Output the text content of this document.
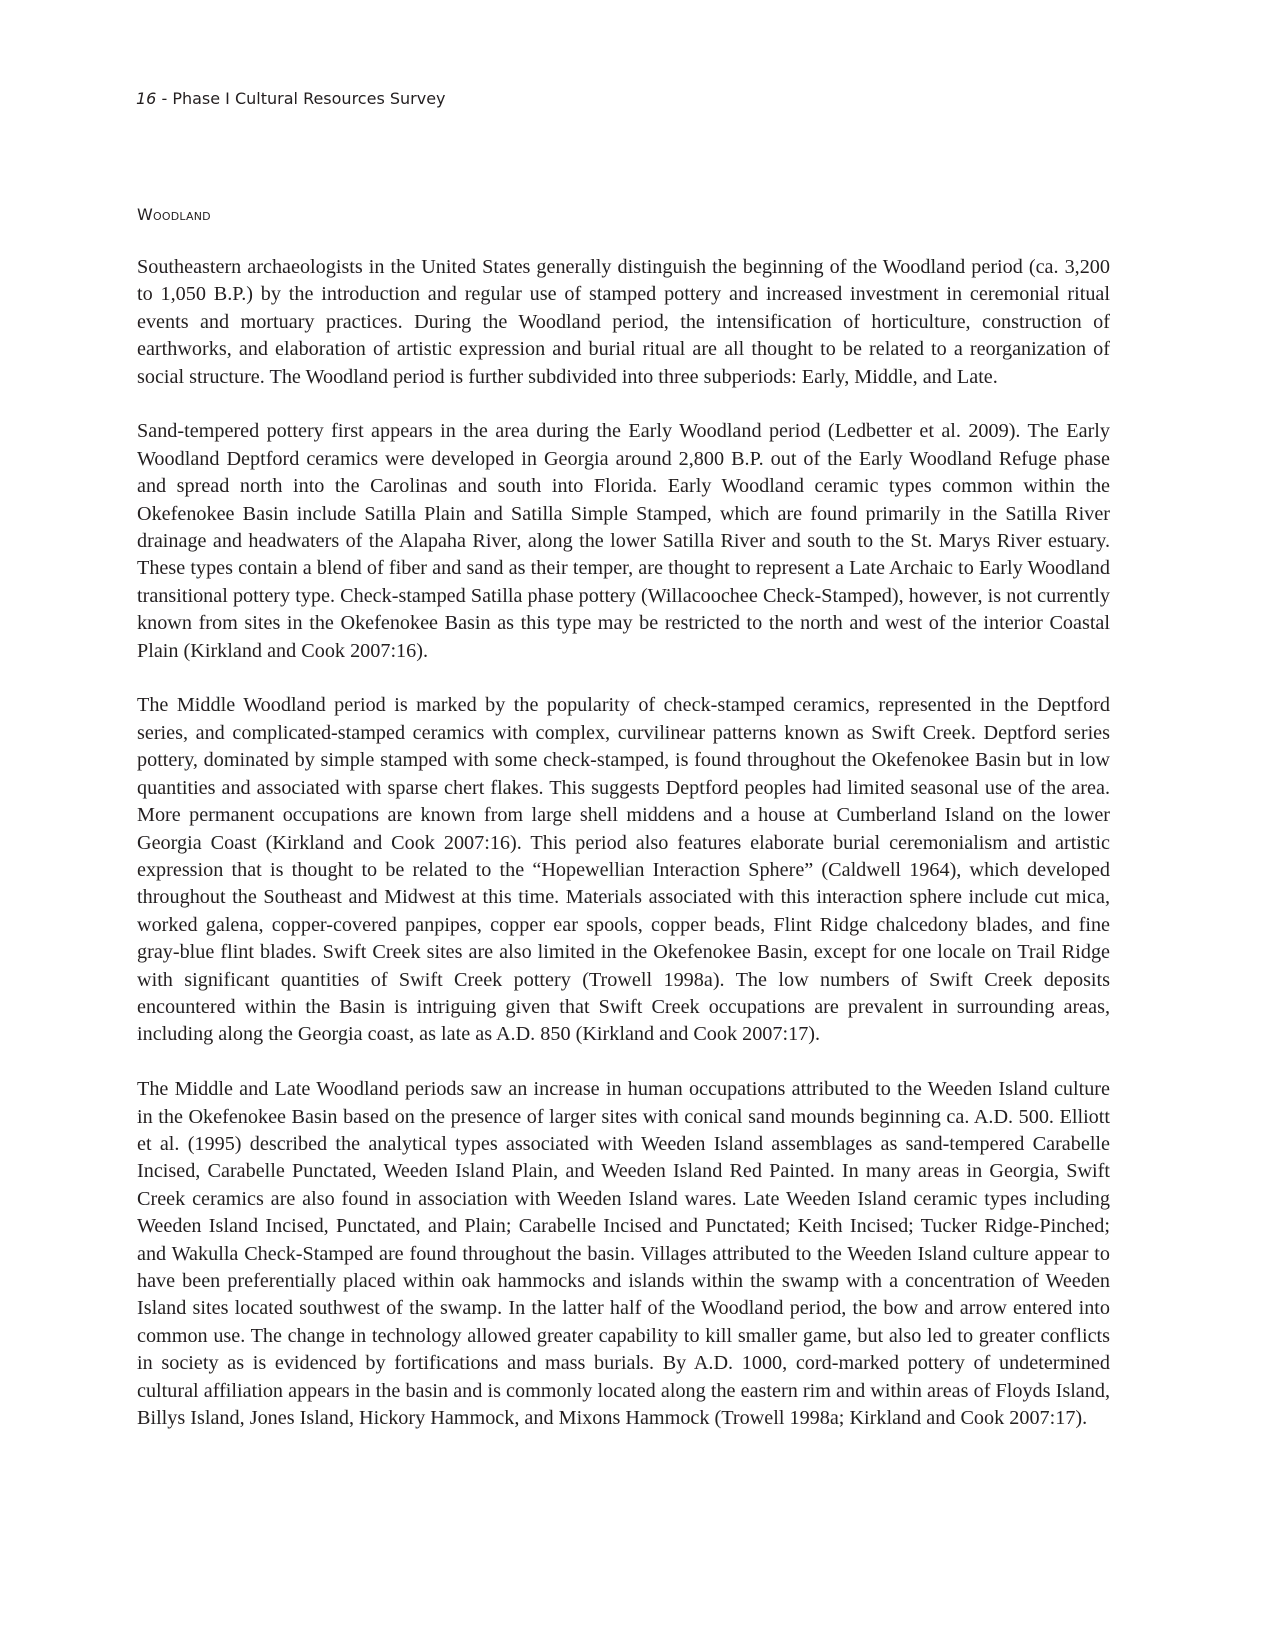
16 - Phase I Cultural Resources Survey
Woodland

Southeastern archaeologists in the United States generally distinguish the beginning of the Woodland period (ca. 3,200 to 1,050 B.P.) by the introduction and regular use of stamped pottery and increased investment in ceremonial ritual events and mortuary practices. During the Woodland period, the intensification of horticulture, construction of earthworks, and elaboration of artistic expression and burial ritual are all thought to be related to a reorganization of social structure. The Woodland period is further subdivided into three subperiods: Early, Middle, and Late.

Sand-tempered pottery first appears in the area during the Early Woodland period (Ledbetter et al. 2009). The Early Woodland Deptford ceramics were developed in Georgia around 2,800 B.P. out of the Early Woodland Refuge phase and spread north into the Carolinas and south into Florida. Early Woodland ceramic types common within the Okefenokee Basin include Satilla Plain and Satilla Simple Stamped, which are found primarily in the Satilla River drainage and headwaters of the Alapaha River, along the lower Satilla River and south to the St. Marys River estuary. These types contain a blend of fiber and sand as their temper, are thought to represent a Late Archaic to Early Woodland transitional pottery type. Check-stamped Satilla phase pottery (Willacoochee Check-Stamped), however, is not currently known from sites in the Okefenokee Basin as this type may be restricted to the north and west of the interior Coastal Plain (Kirkland and Cook 2007:16).

The Middle Woodland period is marked by the popularity of check-stamped ceramics, represented in the Deptford series, and complicated-stamped ceramics with complex, curvilinear patterns known as Swift Creek. Deptford series pottery, dominated by simple stamped with some check-stamped, is found throughout the Okefenokee Basin but in low quantities and associated with sparse chert flakes. This suggests Deptford peoples had limited seasonal use of the area. More permanent occupations are known from large shell middens and a house at Cumberland Island on the lower Georgia Coast (Kirkland and Cook 2007:16). This period also features elaborate burial ceremonialism and artistic expression that is thought to be related to the “Hopewellian Interaction Sphere” (Caldwell 1964), which developed throughout the Southeast and Midwest at this time. Materials associated with this interaction sphere include cut mica, worked galena, copper-covered panpipes, copper ear spools, copper beads, Flint Ridge chalcedony blades, and fine gray-blue flint blades. Swift Creek sites are also limited in the Okefenokee Basin, except for one locale on Trail Ridge with significant quantities of Swift Creek pottery (Trowell 1998a). The low numbers of Swift Creek deposits encountered within the Basin is intriguing given that Swift Creek occupations are prevalent in surrounding areas, including along the Georgia coast, as late as A.D. 850 (Kirkland and Cook 2007:17).

The Middle and Late Woodland periods saw an increase in human occupations attributed to the Weeden Island culture in the Okefenokee Basin based on the presence of larger sites with conical sand mounds beginning ca. A.D. 500. Elliott et al. (1995) described the analytical types associated with Weeden Island assemblages as sand-tempered Carabelle Incised, Carabelle Punctated, Weeden Island Plain, and Weeden Island Red Painted. In many areas in Georgia, Swift Creek ceramics are also found in association with Weeden Island wares. Late Weeden Island ceramic types including Weeden Island Incised, Punctated, and Plain; Carabelle Incised and Punctated; Keith Incised; Tucker Ridge-Pinched; and Wakulla Check-Stamped are found throughout the basin. Villages attributed to the Weeden Island culture appear to have been preferentially placed within oak hammocks and islands within the swamp with a concentration of Weeden Island sites located southwest of the swamp. In the latter half of the Woodland period, the bow and arrow entered into common use. The change in technology allowed greater capability to kill smaller game, but also led to greater conflicts in society as is evidenced by fortifications and mass burials. By A.D. 1000, cord-marked pottery of undetermined cultural affiliation appears in the basin and is commonly located along the eastern rim and within areas of Floyds Island, Billys Island, Jones Island, Hickory Hammock, and Mixons Hammock (Trowell 1998a; Kirkland and Cook 2007:17).
